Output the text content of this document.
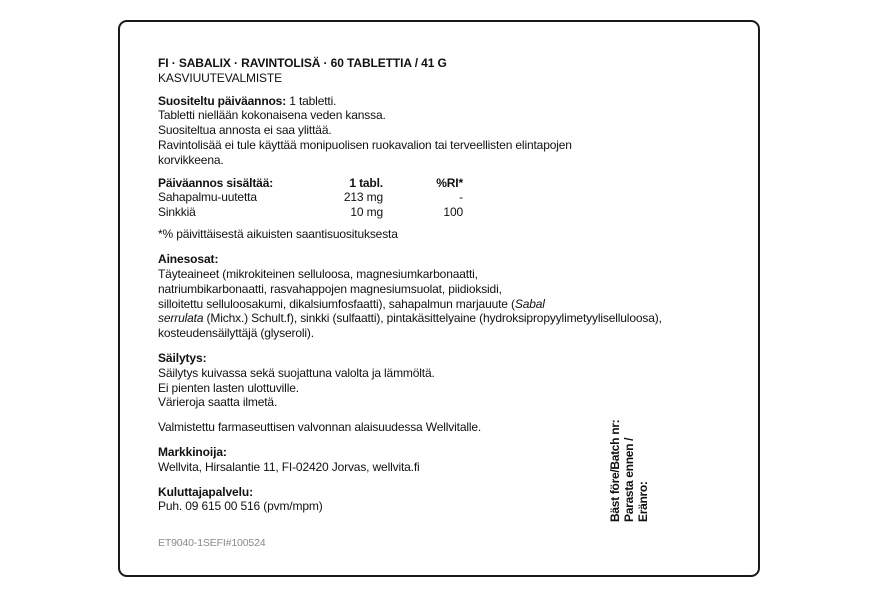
FI · SABALIX · RAVINTOLISÄ · 60 TABLETTIA / 41 G

KASVIUUTEVALMISTE

Suositeltu päiväannos: 1 tabletti.

Tabletti niellään kokonaisena veden kanssa.

Suositeltua annosta ei saa ylittää.

Ravintolisää ei tule käyttää monipuolisen ruokavalion tai terveellisten elintapojen

korvikkeena.

Päiväannos sisältää:	1 tabl.	%RI*
Sahapalmu-uutetta	213 mg	-
Sinkkiä	10 mg	100

*% päivittäisestä aikuisten saantisuosituksesta

Ainesosat:

Täyteaineet (mikrokiteinen selluloosa, magnesiumkarbonaatti,

natriumbikarbonaatti, rasvahappojen magnesiumsuolat, piidioksidi,

silloitettu selluloosakumi, dikalsiumfosfaatti), sahapalmun marjauute (Sabal

serrulata (Michx.) Schult.f), sinkki (sulfaatti), pintakäsittelyaine (hydroksipropyylimetyyliselluloosa),

kosteudensäilyttäjä (glyseroli).

Säilytys:

Säilytys kuivassa sekä suojattuna valolta ja lämmöltä.

Ei pienten lasten ulottuville.

Värieroja saatta ilmetä.

Valmistettu farmaseuttisen valvonnan alaisuudessa Wellvitalle.

Markkinoija:

Wellvita, Hirsalantie 11, FI-02420 Jorvas, wellvita.fi

Kuluttajapalvelu:

Puh. 09 615 00 516 (pvm/mpm)

ET9040-1SEFI#100524

Bäst före/Batch nr: Parasta ennen / Eränro:
